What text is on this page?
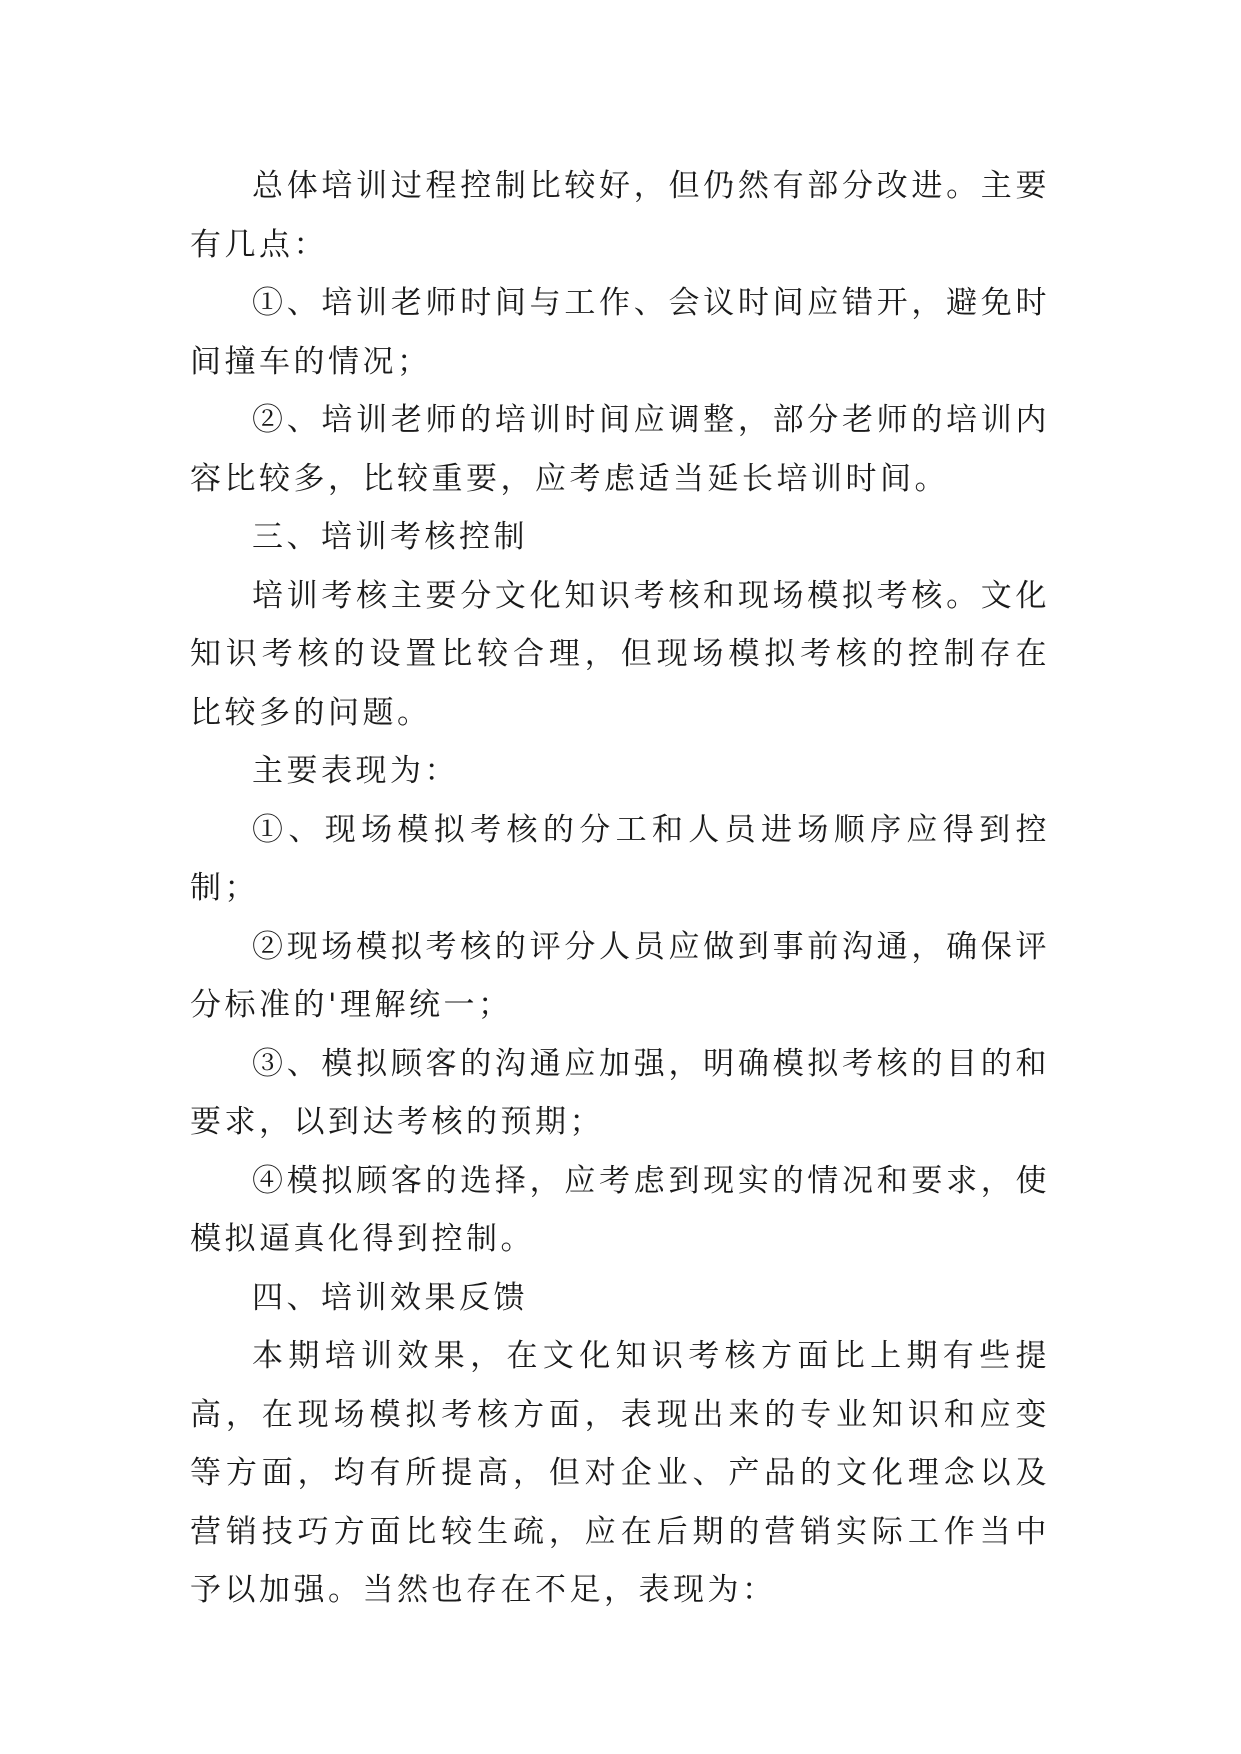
总体培训过程控制比较好，但仍然有部分改进。主要有几点：

①、培训老师时间与工作、会议时间应错开，避免时间撞车的情况；

②、培训老师的培训时间应调整，部分老师的培训内容比较多，比较重要，应考虑适当延长培训时间。

三、培训考核控制

培训考核主要分文化知识考核和现场模拟考核。文化知识考核的设置比较合理，但现场模拟考核的控制存在比较多的问题。

主要表现为：

①、现场模拟考核的分工和人员进场顺序应得到控制；

②现场模拟考核的评分人员应做到事前沟通，确保评分标准的'理解统一；

③、模拟顾客的沟通应加强，明确模拟考核的目的和要求，以到达考核的预期；

④模拟顾客的选择，应考虑到现实的情况和要求，使模拟逼真化得到控制。

四、培训效果反馈

本期培训效果，在文化知识考核方面比上期有些提高，在现场模拟考核方面，表现出来的专业知识和应变等方面，均有所提高，但对企业、产品的文化理念以及营销技巧方面比较生疏，应在后期的营销实际工作当中予以加强。当然也存在不足，表现为：
